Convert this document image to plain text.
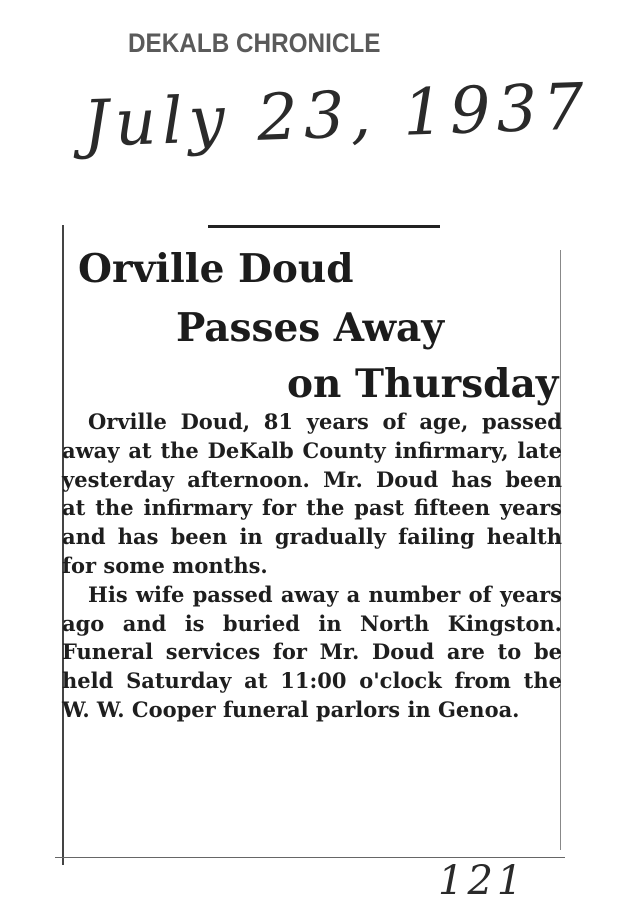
DEKALB CHRONICLE
July 23, 1937
Orville Doud
Passes Away
on Thursday

Orville Doud, 81 years of age, passed away at the DeKalb County infirmary, late yesterday afternoon. Mr. Doud has been at the infirmary for the past fifteen years and has been in gradually failing health for some months.

His wife passed away a number of years ago and is buried in North Kingston. Funeral services for Mr. Doud are to be held Saturday at 11:00 o'clock from the W. W. Cooper funeral parlors in Genoa.

121
